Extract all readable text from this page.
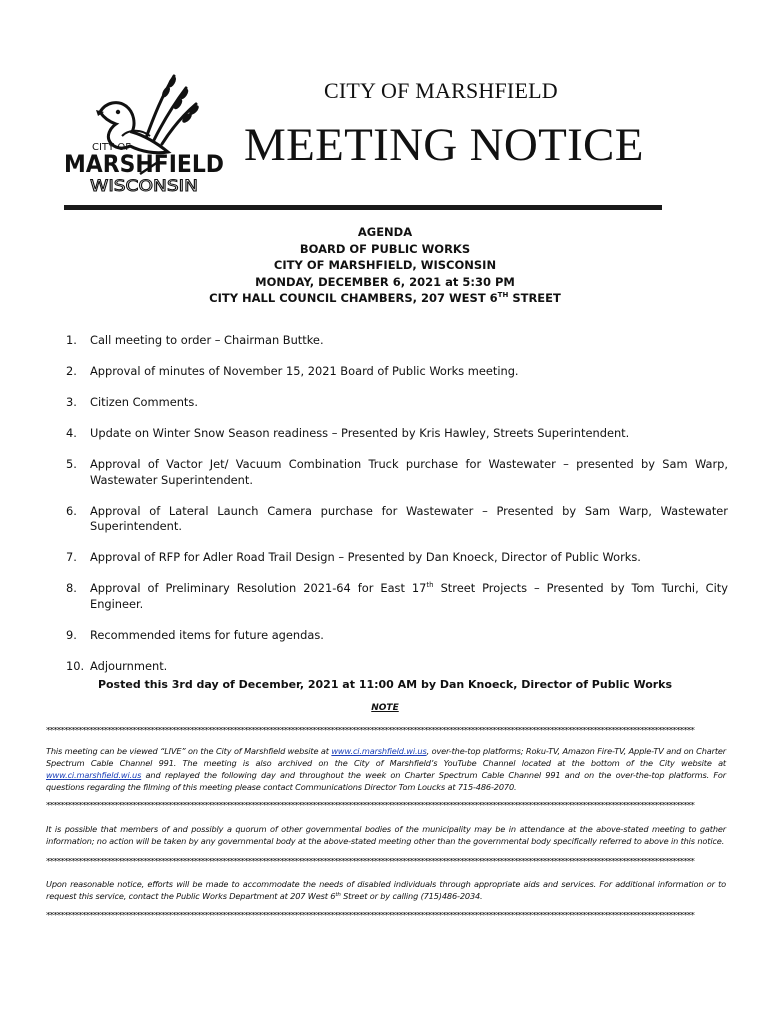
CITY OF
MARSHFIELD
WISCONSIN
CITY OF MARSHFIELD
MEETING NOTICE
AGENDA
BOARD OF PUBLIC WORKS
CITY OF MARSHFIELD, WISCONSIN
MONDAY, DECEMBER 6, 2021 at 5:30 PM
CITY HALL COUNCIL CHAMBERS, 207 WEST 6TH STREET
1.	Call meeting to order – Chairman Buttke.
2.	Approval of minutes of November 15, 2021 Board of Public Works meeting.
3.	Citizen Comments.
4.	Update on Winter Snow Season readiness – Presented by Kris Hawley, Streets Superintendent.
5.	Approval of Vactor Jet/ Vacuum Combination Truck purchase for Wastewater – presented by Sam Warp, Wastewater Superintendent.
6.	Approval of Lateral Launch Camera purchase for Wastewater – Presented by Sam Warp, Wastewater Superintendent.
7.	Approval of RFP for Adler Road Trail Design – Presented by Dan Knoeck, Director of Public Works.
8.	Approval of Preliminary Resolution 2021-64 for East 17th Street Projects – Presented by Tom Turchi, City Engineer.
9.	Recommended items for future agendas.
10. Adjournment.
Posted this 3rd day of December, 2021 at 11:00 AM by Dan Knoeck, Director of Public Works
NOTE
************************************************************************************************************************************************************************************
This meeting can be viewed “LIVE” on the City of Marshfield website at www.ci.marshfield.wi.us, over-the-top platforms; Roku-TV, Amazon Fire-TV, Apple-TV and on Charter Spectrum Cable Channel 991. The meeting is also archived on the City of Marshfield’s YouTube Channel located at the bottom of the City website at www.ci.marshfield.wi.us and replayed the following day and throughout the week on Charter Spectrum Cable Channel 991 and on the over-the-top platforms. For questions regarding the filming of this meeting please contact Communications Director Tom Loucks at 715-486-2070.
************************************************************************************************************************************************************************************
It is possible that members of and possibly a quorum of other governmental bodies of the municipality may be in attendance at the above-stated meeting to gather information; no action will be taken by any governmental body at the above-stated meeting other than the governmental body specifically referred to above in this notice.
************************************************************************************************************************************************************************************
Upon reasonable notice, efforts will be made to accommodate the needs of disabled individuals through appropriate aids and services. For additional information or to request this service, contact the Public Works Department at 207 West 6th Street or by calling (715)486-2034.
************************************************************************************************************************************************************************************
